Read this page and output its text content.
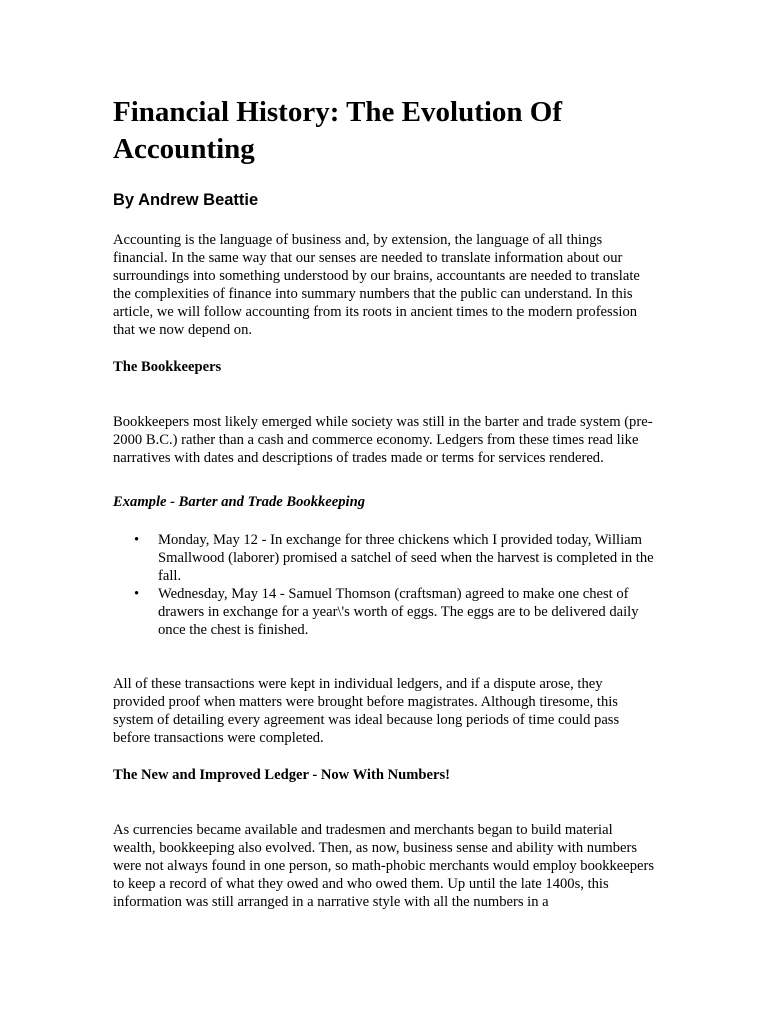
Financial History: The Evolution Of Accounting
By Andrew Beattie

Accounting is the language of business and, by extension, the language of all things financial. In the same way that our senses are needed to translate information about our surroundings into something understood by our brains, accountants are needed to translate the complexities of finance into summary numbers that the public can understand. In this article, we will follow accounting from its roots in ancient times to the modern profession that we now depend on.

The Bookkeepers

Bookkeepers most likely emerged while society was still in the barter and trade system (pre-2000 B.C.) rather than a cash and commerce economy. Ledgers from these times read like narratives with dates and descriptions of trades made or terms for services rendered.

Example - Barter and Trade Bookkeeping
• Monday, May 12 - In exchange for three chickens which I provided today, William Smallwood (laborer) promised a satchel of seed when the harvest is completed in the fall.
• Wednesday, May 14 - Samuel Thomson (craftsman) agreed to make one chest of drawers in exchange for a year\'s worth of eggs. The eggs are to be delivered daily once the chest is finished.

All of these transactions were kept in individual ledgers, and if a dispute arose, they provided proof when matters were brought before magistrates. Although tiresome, this system of detailing every agreement was ideal because long periods of time could pass before transactions were completed.

The New and Improved Ledger - Now With Numbers!

As currencies became available and tradesmen and merchants began to build material wealth, bookkeeping also evolved. Then, as now, business sense and ability with numbers were not always found in one person, so math-phobic merchants would employ bookkeepers to keep a record of what they owed and who owed them. Up until the late 1400s, this information was still arranged in a narrative style with all the numbers in a
